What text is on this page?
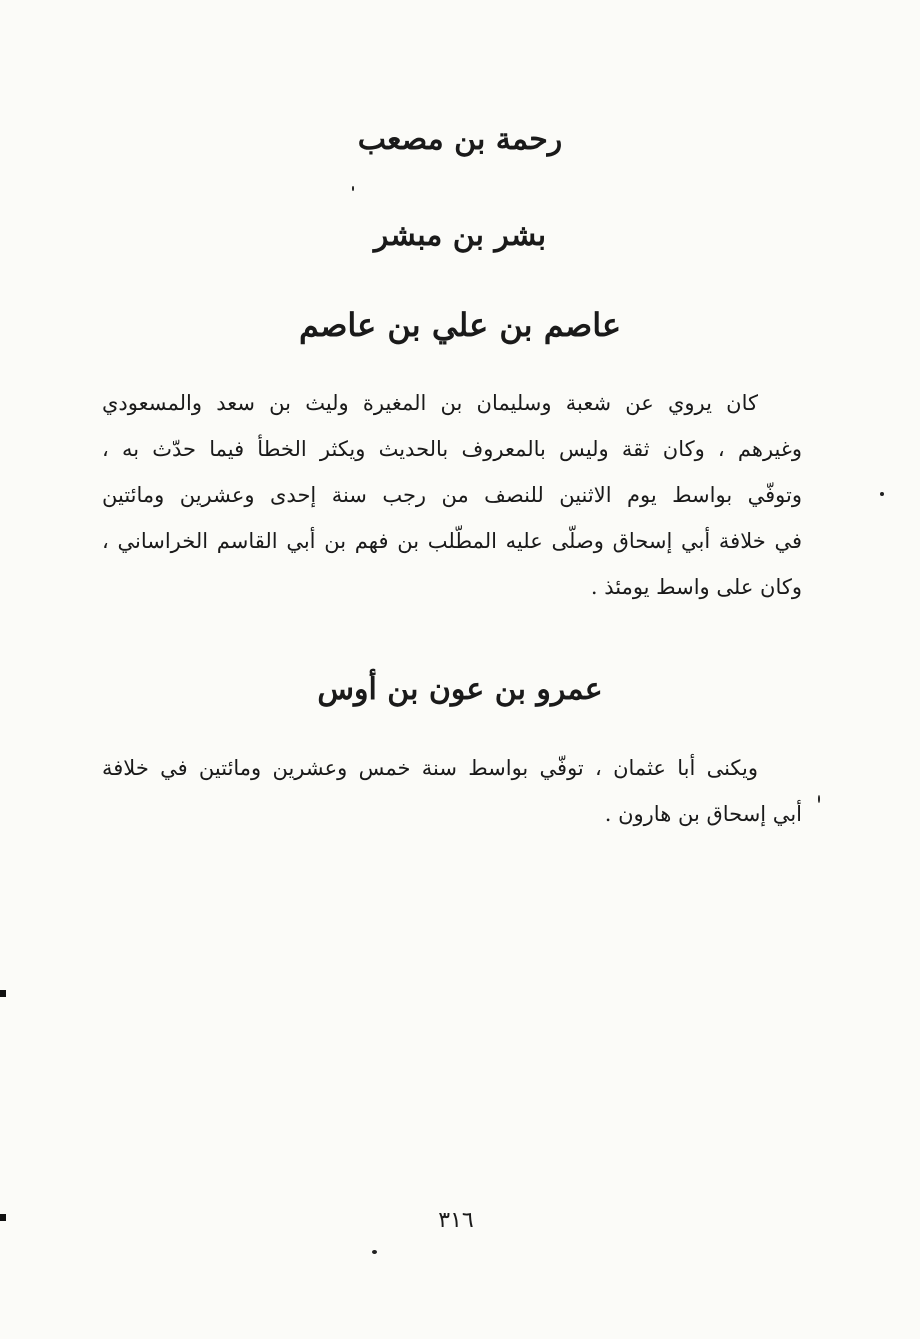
رحمة بن مصعب
بشر بن مبشر
عاصم بن علي بن عاصم

كان يروي عن شعبة وسليمان بن المغيرة وليث بن سعد والمسعودي
وغيرهم ، وكان ثقة وليس بالمعروف بالحديث ويكثر الخطأ فيما حدّث به ،
وتوفّي بواسط يوم الاثنين للنصف من رجب سنة إحدى وعشرين ومائتين
في خلافة أبي إسحاق وصلّى عليه المطّلب بن فهم بن أبي القاسم الخراساني ،
وكان على واسط يومئذ .

عمرو بن عون بن أوس

ويكنى أبا عثمان ، توفّي بواسط سنة خمس وعشرين ومائتين في خلافة
أبي إسحاق بن هارون .

٣١٦
